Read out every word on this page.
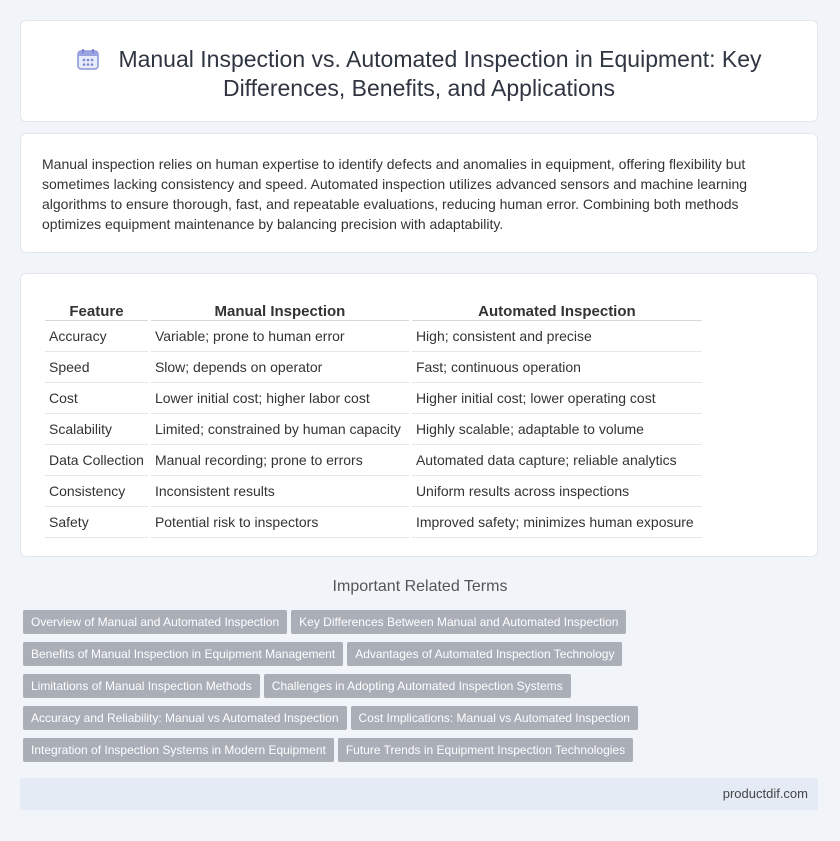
Manual Inspection vs. Automated Inspection in Equipment: Key Differences, Benefits, and Applications

Manual inspection relies on human expertise to identify defects and anomalies in equipment, offering flexibility but sometimes lacking consistency and speed. Automated inspection utilizes advanced sensors and machine learning algorithms to ensure thorough, fast, and repeatable evaluations, reducing human error. Combining both methods optimizes equipment maintenance by balancing precision with adaptability.

Feature	Manual Inspection	Automated Inspection
Accuracy	Variable; prone to human error	High; consistent and precise
Speed	Slow; depends on operator	Fast; continuous operation
Cost	Lower initial cost; higher labor cost	Higher initial cost; lower operating cost
Scalability	Limited; constrained by human capacity	Highly scalable; adaptable to volume
Data Collection	Manual recording; prone to errors	Automated data capture; reliable analytics
Consistency	Inconsistent results	Uniform results across inspections
Safety	Potential risk to inspectors	Improved safety; minimizes human exposure
Important Related Terms
Overview of Manual and Automated Inspection Key Differences Between Manual and Automated Inspection
Benefits of Manual Inspection in Equipment Management Advantages of Automated Inspection Technology
Limitations of Manual Inspection Methods Challenges in Adopting Automated Inspection Systems
Accuracy and Reliability: Manual vs Automated Inspection Cost Implications: Manual vs Automated Inspection
Integration of Inspection Systems in Modern Equipment Future Trends in Equipment Inspection Technologies
productdif.com
